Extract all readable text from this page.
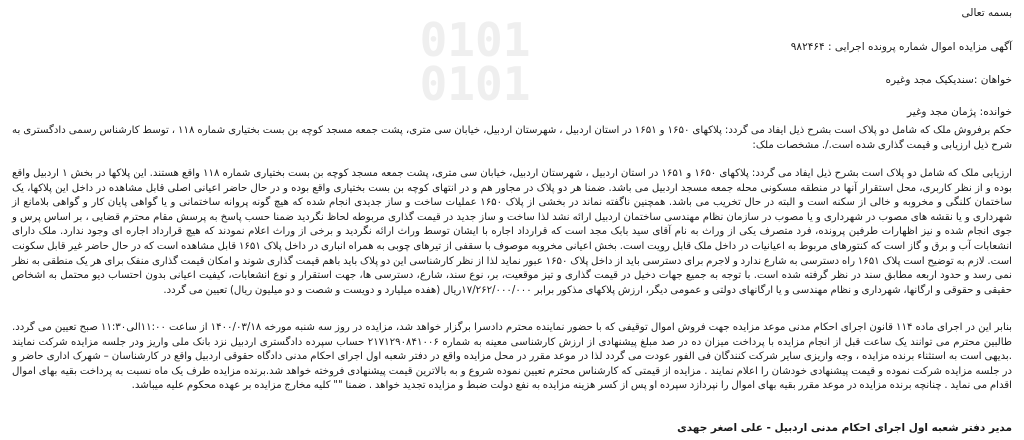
0101
0101

بسمه تعالی

آگهی مزایده اموال شماره پرونده اجرایی : ۹۸۲۴۶۴

خواهان :سندیکیک مجد وغیره

خوانده: پژمان مجد وغیر

حکم برفروش ملک که شامل دو پلاک است بشرح ذیل ایفاد می گردد: پلاکهای ۱۶۵۰ و ۱۶۵۱ در استان اردبیل ، شهرستان اردبیل، خیابان سی متری، پشت جمعه مسجد کوچه بن بست بختیاری شماره ۱۱۸ ، توسط کارشناس رسمی دادگستری به شرح ذیل ارزیابی و قیمت گذاری شده است./. مشخصات ملک:

ارزیابی ملک که شامل دو پلاک است بشرح ذیل ایفاد می گردد: پلاکهای ۱۶۵۰ و ۱۶۵۱ در استان اردبیل ، شهرستان اردبیل، خیابان سی متری، پشت جمعه مسجد کوچه بن بست بختیاری شماره ۱۱۸ واقع هستند. این پلاکها در بخش ۱ اردبیل واقع بوده و از نظر کاربری، محل استقرار آنها در منطقه مسکونی محله جمعه مسجد اردبیل می باشد. ضمنا هر دو پلاک در مجاور هم و در انتهای کوچه بن بست بختیاری واقع بوده و در حال حاضر اعیانی اصلی قابل مشاهده در داخل این پلاکها، یک ساختمان کلنگی و مخروبه و خالی از سکنه است و البته در حال تخریب می باشد. همچنین ناگفته نماند در بخشی از پلاک ۱۶۵۰ عملیات ساخت و ساز جدیدی انجام شده که هیچ گونه پروانه ساختمانی و یا گواهی پایان کار و گواهی بلامانع از شهرداری و یا نقشه های مصوب در شهرداری و یا مصوب در سازمان نظام مهندسی ساختمان اردبیل ارائه نشد لذا ساخت و ساز جدید در قیمت گذاری مربوطه لحاظ نگردید ضمنا حسب پاسخ به پرسش مقام محترم قضایی ، بر اساس پرس و جوی انجام شده و نیز اظهارات طرفین پرونده، فرد متصرف یکی از وراث به نام آقای سید بابک مجد است که قرارداد اجاره با ایشان توسط وراث ارائه نگردید و برخی از وراث اعلام نمودند که هیچ قرارداد اجاره ای وجود ندارد. ملک دارای انشعابات آب و برق و گاز است که کنتورهای مربوط به اعیانیات در داخل ملک قابل رویت است. بخش اعیانی مخروبه موصوف با سقفی از تیرهای چوبی به همراه انباری در داخل پلاک ۱۶۵۱ قابل مشاهده است که در حال حاضر غیر قابل سکونت است. لازم به توضیح است پلاک ۱۶۵۱ راه دسترسی به شارع ندارد و لاجرم برای دسترسی باید از داخل پلاک ۱۶۵۰ عبور نماید لذا از نظر کارشناسی این دو پلاک باید باهم قیمت گذاری شوند و امکان قیمت گذاری منفک برای هر یک منطقی به نظر نمی رسد و حدود اربعه مطابق سند در نظر گرفته شده است. با توجه به جمیع جهات دخیل در قیمت گذاری و تیز موقعیت، بر، نوع سند، شارع، دسترسی ها، جهت استقرار و نوع انشعابات، کیفیت اعیانی بدون احتساب دیو محتمل به اشخاص حقیقی و حقوقی و ارگانها، شهرداری و نظام مهندسی و یا ارگانهای دولتی و عمومی دیگر، ارزش پلاکهای مذکور برابر ۱۷/۲۶۲/۰۰۰/۰۰۰ریال (هفده میلیارد و دویست و شصت و دو میلیون ریال) تعیین می گردد.

بنابر این در اجرای ماده ۱۱۴ قانون اجرای احکام مدنی موعد مزایده جهت فروش اموال توقیفی که با حضور نماینده محترم دادسرا برگزار خواهد شد، مزایده در روز سه شنبه مورخه ۱۴۰۰/۰۳/۱۸ از ساعت ۱۱:۰۰الی۱۱:۳۰ صبح تعیین می گردد. طالبین محترم می توانند یک ساعت قبل از انجام مزایده با پرداخت میزان ده در صد مبلغ پیشنهادی از ارزش کارشناسی معینه به شماره ۲۱۷۱۲۹۰۸۴۱۰۰۶ حساب سپرده دادگستری اردبیل نزد بانک ملی واریز ودر جلسه مزایده شرکت نمایند .بدیهی است به استثناء برنده مزایده ، وجه واریزی سایر شرکت کنندگان فی الفور عودت می گردد لذا در موعد مقرر در محل مزایده واقع در دفتر شعبه اول اجرای احکام مدنی دادگاه حقوقی اردبیل واقع در کارشناسان – شهرک اداری حاضر و در جلسه مزایده شرکت نموده و قیمت پیشنهادی خودشان را اعلام نمایند . مزایده از قیمتی که کارشناس محترم تعیین نموده شروع و به بالاترین قیمت پیشنهادی فروخته خواهد شد.برنده مزایده طرف یک ماه نسبت به پرداخت بقیه بهای اموال اقدام می نماید . چنانچه برنده مزایده در موعد مقرر بقیه بهای اموال را نپردازد سپرده او پس از کسر هزینه مزایده به نفع دولت ضبط و مزایده تجدید خواهد . ضمنا "" کلیه مخارج مزایده بر عهده محکوم علیه میباشد.

مدیر دفتر شعبه اول اجرای احکام مدنی اردبیل - علی اصغر جهدی
